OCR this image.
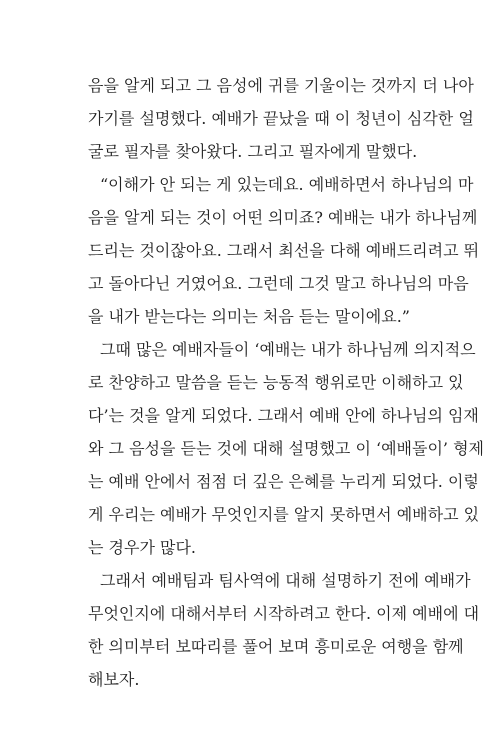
음을 알게 되고 그 음성에 귀를 기울이는 것까지 더 나아
가기를 설명했다. 예배가 끝났을 때 이 청년이 심각한 얼
굴로 필자를 찾아왔다. 그리고 필자에게 말했다.
“이해가 안 되는 게 있는데요. 예배하면서 하나님의 마
음을 알게 되는 것이 어떤 의미죠? 예배는 내가 하나님께
드리는 것이잖아요. 그래서 최선을 다해 예배드리려고 뛰
고 돌아다닌 거였어요. 그런데 그것 말고 하나님의 마음
을 내가 받는다는 의미는 처음 듣는 말이에요.”
그때 많은 예배자들이 ‘예배는 내가 하나님께 의지적으
로 찬양하고 말씀을 듣는 능동적 행위로만 이해하고 있
다’는 것을 알게 되었다. 그래서 예배 안에 하나님의 임재
와 그 음성을 듣는 것에 대해 설명했고 이 ‘예배돌이’ 형제
는 예배 안에서 점점 더 깊은 은혜를 누리게 되었다. 이렇
게 우리는 예배가 무엇인지를 알지 못하면서 예배하고 있
는 경우가 많다.
그래서 예배팀과 팀사역에 대해 설명하기 전에 예배가
무엇인지에 대해서부터 시작하려고 한다. 이제 예배에 대
한 의미부터 보따리를 풀어 보며 흥미로운 여행을 함께
해보자.
